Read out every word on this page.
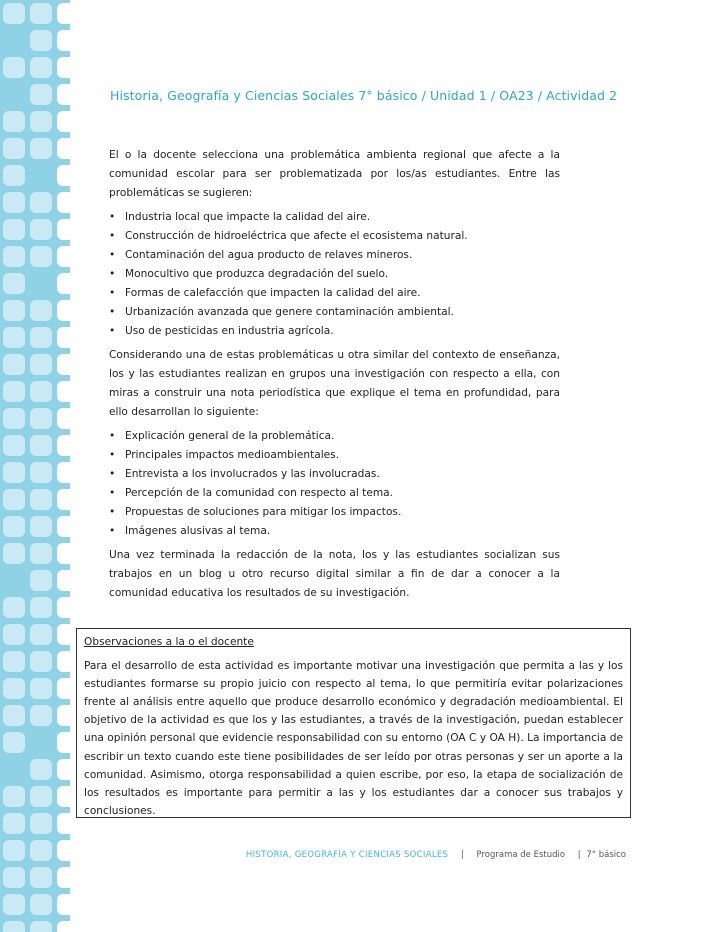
Historia, Geografía y Ciencias Sociales 7° básico / Unidad 1 / OA23 / Actividad 2

El o la docente selecciona una problemática ambienta regional que afecte a la comunidad escolar para ser problematizada por los/as estudiantes. Entre las problemáticas se sugieren:

• Industria local que impacte la calidad del aire.
• Construcción de hidroeléctrica que afecte el ecosistema natural.
• Contaminación del agua producto de relaves mineros.
• Monocultivo que produzca degradación del suelo.
• Formas de calefacción que impacten la calidad del aire.
• Urbanización avanzada que genere contaminación ambiental.
• Uso de pesticidas en industria agrícola.

Considerando una de estas problemáticas u otra similar del contexto de enseñanza, los y las estudiantes realizan en grupos una investigación con respecto a ella, con miras a construir una nota periodística que explique el tema en profundidad, para ello desarrollan lo siguiente:

• Explicación general de la problemática.
• Principales impactos medioambientales.
• Entrevista a los involucrados y las involucradas.
• Percepción de la comunidad con respecto al tema.
• Propuestas de soluciones para mitigar los impactos.
• Imágenes alusivas al tema.

Una vez terminada la redacción de la nota, los y las estudiantes socializan sus trabajos en un blog u otro recurso digital similar a fin de dar a conocer a la comunidad educativa los resultados de su investigación.

Observaciones a la o el docente

Para el desarrollo de esta actividad es importante motivar una investigación que permita a las y los estudiantes formarse su propio juicio con respecto al tema, lo que permitiría evitar polarizaciones frente al análisis entre aquello que produce desarrollo económico y degradación medioambiental. El objetivo de la actividad es que los y las estudiantes, a través de la investigación, puedan establecer una opinión personal que evidencie responsabilidad con su entorno (OA C y OA H). La importancia de escribir un texto cuando este tiene posibilidades de ser leído por otras personas y ser un aporte a la comunidad. Asimismo, otorga responsabilidad a quien escribe, por eso, la etapa de socialización de los resultados es importante para permitir a las y los estudiantes dar a conocer sus trabajos y conclusiones.

HISTORIA, GEOGRAFÍA Y CIENCIAS SOCIALES | Programa de Estudio | 7° básico
